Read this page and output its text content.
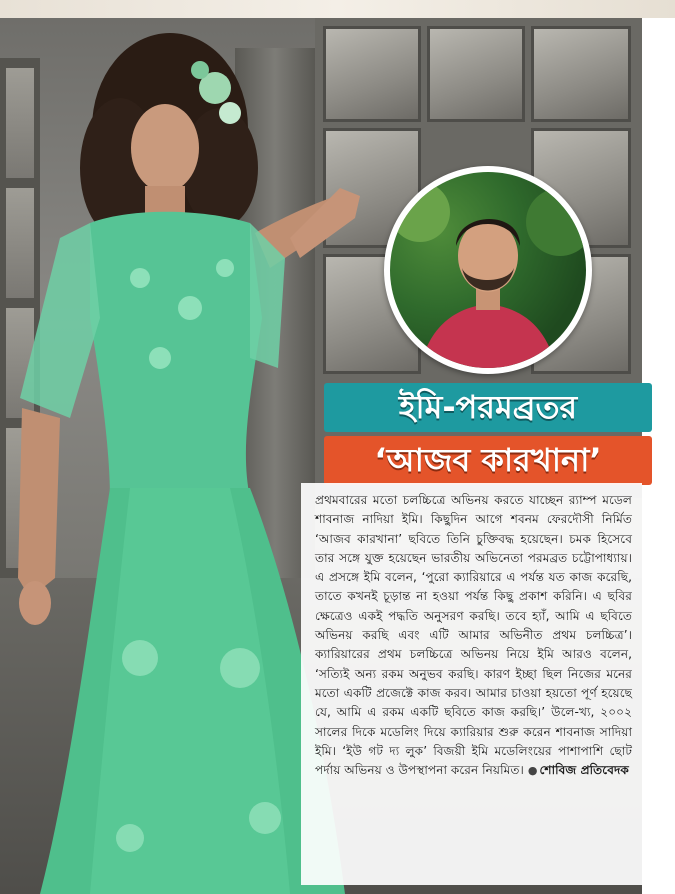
ইমি-পরমব্রতর
‘আজব কারখানা’

প্রথমবারের মতো চলচ্চিত্রে অভিনয় করতে যাচ্ছেন র‌্যাম্প মডেল শাবনাজ নাদিয়া ইমি। কিছুদিন আগে শবনম ফেরদৌসী নির্মিত ‘আজব কারখানা’ ছবিতে তিনি চুক্তিবদ্ধ হয়েছেন। চমক হিসেবে তার সঙ্গে যুক্ত হয়েছেন ভারতীয় অভিনেতা পরমব্রত চট্টোপাধ্যায়। এ প্রসঙ্গে ইমি বলেন, ‘পুরো ক্যারিয়ারে এ পর্যন্ত যত কাজ করেছি, তাতে কখনই চূড়ান্ত না হওয়া পর্যন্ত কিছু প্রকাশ করিনি। এ ছবির ক্ষেত্রেও একই পদ্ধতি অনুসরণ করছি। তবে হ্যাঁ, আমি এ ছবিতে অভিনয় করছি এবং এটি আমার অভিনীত প্রথম চলচ্চিত্র’। ক্যারিয়ারের প্রথম চলচ্চিত্রে অভিনয় নিয়ে ইমি আরও বলেন, ‘সত্যিই অন্য রকম অনুভব করছি। কারণ ইচ্ছা ছিল নিজের মনের মতো একটি প্রজেক্টে কাজ করব। আমার চাওয়া হয়তো পূর্ণ হয়েছে যে, আমি এ রকম একটি ছবিতে কাজ করছি।’ উলে-খ্য, ২০০২ সালের দিকে মডেলিং দিয়ে ক্যারিয়ার শুরু করেন শাবনাজ সাদিয়া ইমি। ‘ইউ গট দ্য লুক’ বিজয়ী ইমি মডেলিংয়ের পাশাপাশি ছোট পর্দায় অভিনয় ও উপস্থাপনা করেন নিয়মিত। ● শোবিজ প্রতিবেদক
